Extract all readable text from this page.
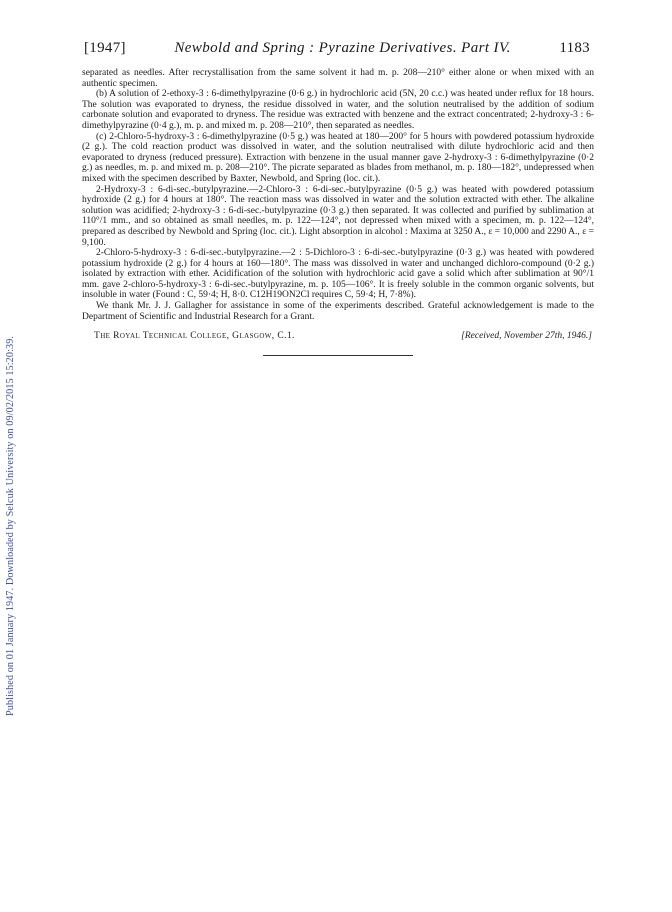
Published on 01 January 1947. Downloaded by Selcuk University on 09/02/2015 15:20:39.
[1947]	Newbold and Spring : Pyrazine Derivatives. Part IV.	1183

separated as needles. After recrystallisation from the same solvent it had m. p. 208—210° either alone or when mixed with an authentic specimen.

(b) A solution of 2-ethoxy-3 : 6-dimethylpyrazine (0·6 g.) in hydrochloric acid (5N, 20 c.c.) was heated under reflux for 18 hours. The solution was evaporated to dryness, the residue dissolved in water, and the solution neutralised by the addition of sodium carbonate solution and evaporated to dryness. The residue was extracted with benzene and the extract concentrated; 2-hydroxy-3 : 6-dimethylpyrazine (0·4 g.), m. p. and mixed m. p. 208—210°, then separated as needles.

(c) 2-Chloro-5-hydroxy-3 : 6-dimethylpyrazine (0·5 g.) was heated at 180—200° for 5 hours with powdered potassium hydroxide (2 g.). The cold reaction product was dissolved in water, and the solution neutralised with dilute hydrochloric acid and then evaporated to dryness (reduced pressure). Extraction with benzene in the usual manner gave 2-hydroxy-3 : 6-dimethylpyrazine (0·2 g.) as needles, m. p. and mixed m. p. 208—210°. The picrate separated as blades from methanol, m. p. 180—182°, undepressed when mixed with the specimen described by Baxter, Newbold, and Spring (loc. cit.).

2-Hydroxy-3 : 6-di-sec.-butylpyrazine.—2-Chloro-3 : 6-di-sec.-butylpyrazine (0·5 g.) was heated with powdered potassium hydroxide (2 g.) for 4 hours at 180°. The reaction mass was dissolved in water and the solution extracted with ether. The alkaline solution was acidified; 2-hydroxy-3 : 6-di-sec.-butylpyrazine (0·3 g.) then separated. It was collected and purified by sublimation at 110°/1 mm., and so obtained as small needles, m. p. 122—124°, not depressed when mixed with a specimen, m. p. 122—124°, prepared as described by Newbold and Spring (loc. cit.). Light absorption in alcohol : Maxima at 3250 A., ε = 10,000 and 2290 A., ε = 9,100.

2-Chloro-5-hydroxy-3 : 6-di-sec.-butylpyrazine.—2 : 5-Dichloro-3 : 6-di-sec.-butylpyrazine (0·3 g.) was heated with powdered potassium hydroxide (2 g.) for 4 hours at 160—180°. The mass was dissolved in water and unchanged dichloro-compound (0·2 g.) isolated by extraction with ether. Acidification of the solution with hydrochloric acid gave a solid which after sublimation at 90°/1 mm. gave 2-chloro-5-hydroxy-3 : 6-di-sec.-butylpyrazine, m. p. 105—106°. It is freely soluble in the common organic solvents, but insoluble in water (Found : C, 59·4; H, 8·0. C12H19ON2Cl requires C, 59·4; H, 7·8%).

We thank Mr. J. J. Gallagher for assistance in some of the experiments described. Grateful acknowledgement is made to the Department of Scientific and Industrial Research for a Grant.

The Royal Technical College, Glasgow, C.1.	[Received, November 27th, 1946.]
